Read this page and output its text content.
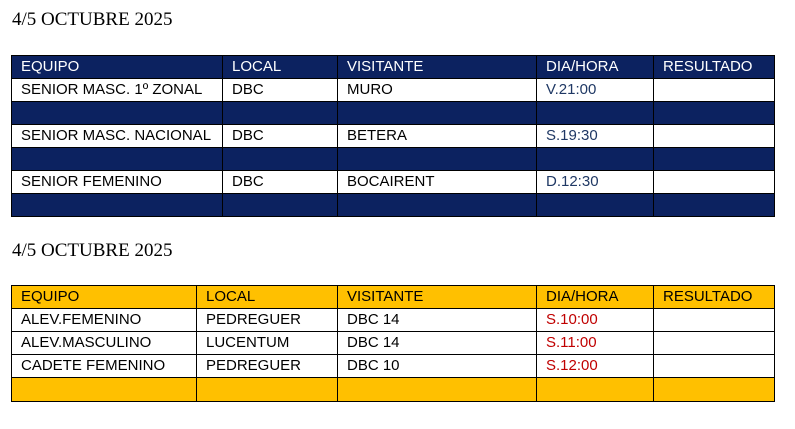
4/5 OCTUBRE 2025
EQUIPO	LOCAL	VISITANTE	DIA/HORA	RESULTADO
SENIOR MASC. 1º ZONAL	DBC	MURO	V.21:00	

SENIOR MASC. NACIONAL	DBC	BETERA	S.19:30	

SENIOR FEMENINO	DBC	BOCAIRENT	D.12:30	

4/5 OCTUBRE 2025
EQUIPO	LOCAL	VISITANTE	DIA/HORA	RESULTADO
ALEV.FEMENINO	PEDREGUER	DBC 14	S.10:00	
ALEV.MASCULINO	LUCENTUM	DBC 14	S.11:00	
CADETE FEMENINO	PEDREGUER	DBC 10	S.12:00	
